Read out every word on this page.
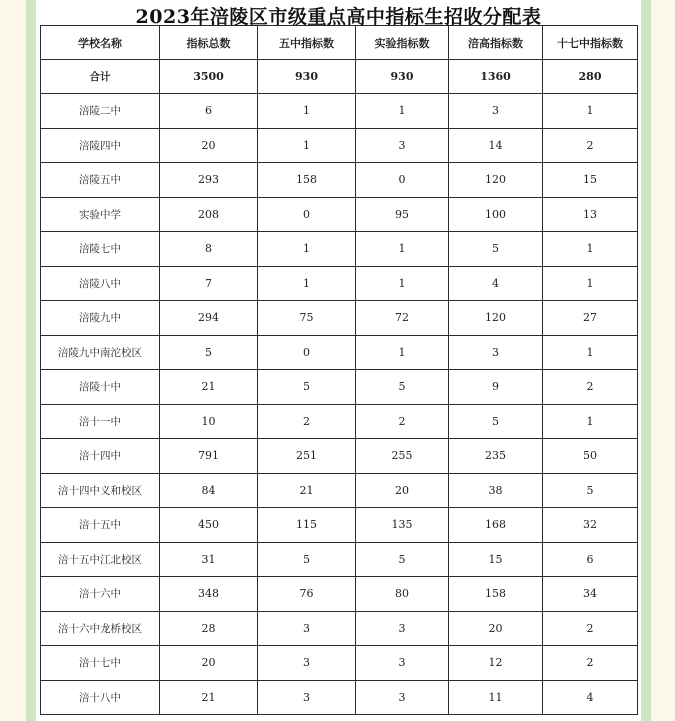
2023年涪陵区市级重点高中指标生招收分配表
学校名称	指标总数	五中指标数	实验指标数	涪高指标数	十七中指标数
合计	3500	930	930	1360	280
涪陵二中	6	1	1	3	1
涪陵四中	20	1	3	14	2
涪陵五中	293	158	0	120	15
实验中学	208	0	95	100	13
涪陵七中	8	1	1	5	1
涪陵八中	7	1	1	4	1
涪陵九中	294	75	72	120	27
涪陵九中南沱校区	5	0	1	3	1
涪陵十中	21	5	5	9	2
涪十一中	10	2	2	5	1
涪十四中	791	251	255	235	50
涪十四中义和校区	84	21	20	38	5
涪十五中	450	115	135	168	32
涪十五中江北校区	31	5	5	15	6
涪十六中	348	76	80	158	34
涪十六中龙桥校区	28	3	3	20	2
涪十七中	20	3	3	12	2
涪十八中	21	3	3	11	4
